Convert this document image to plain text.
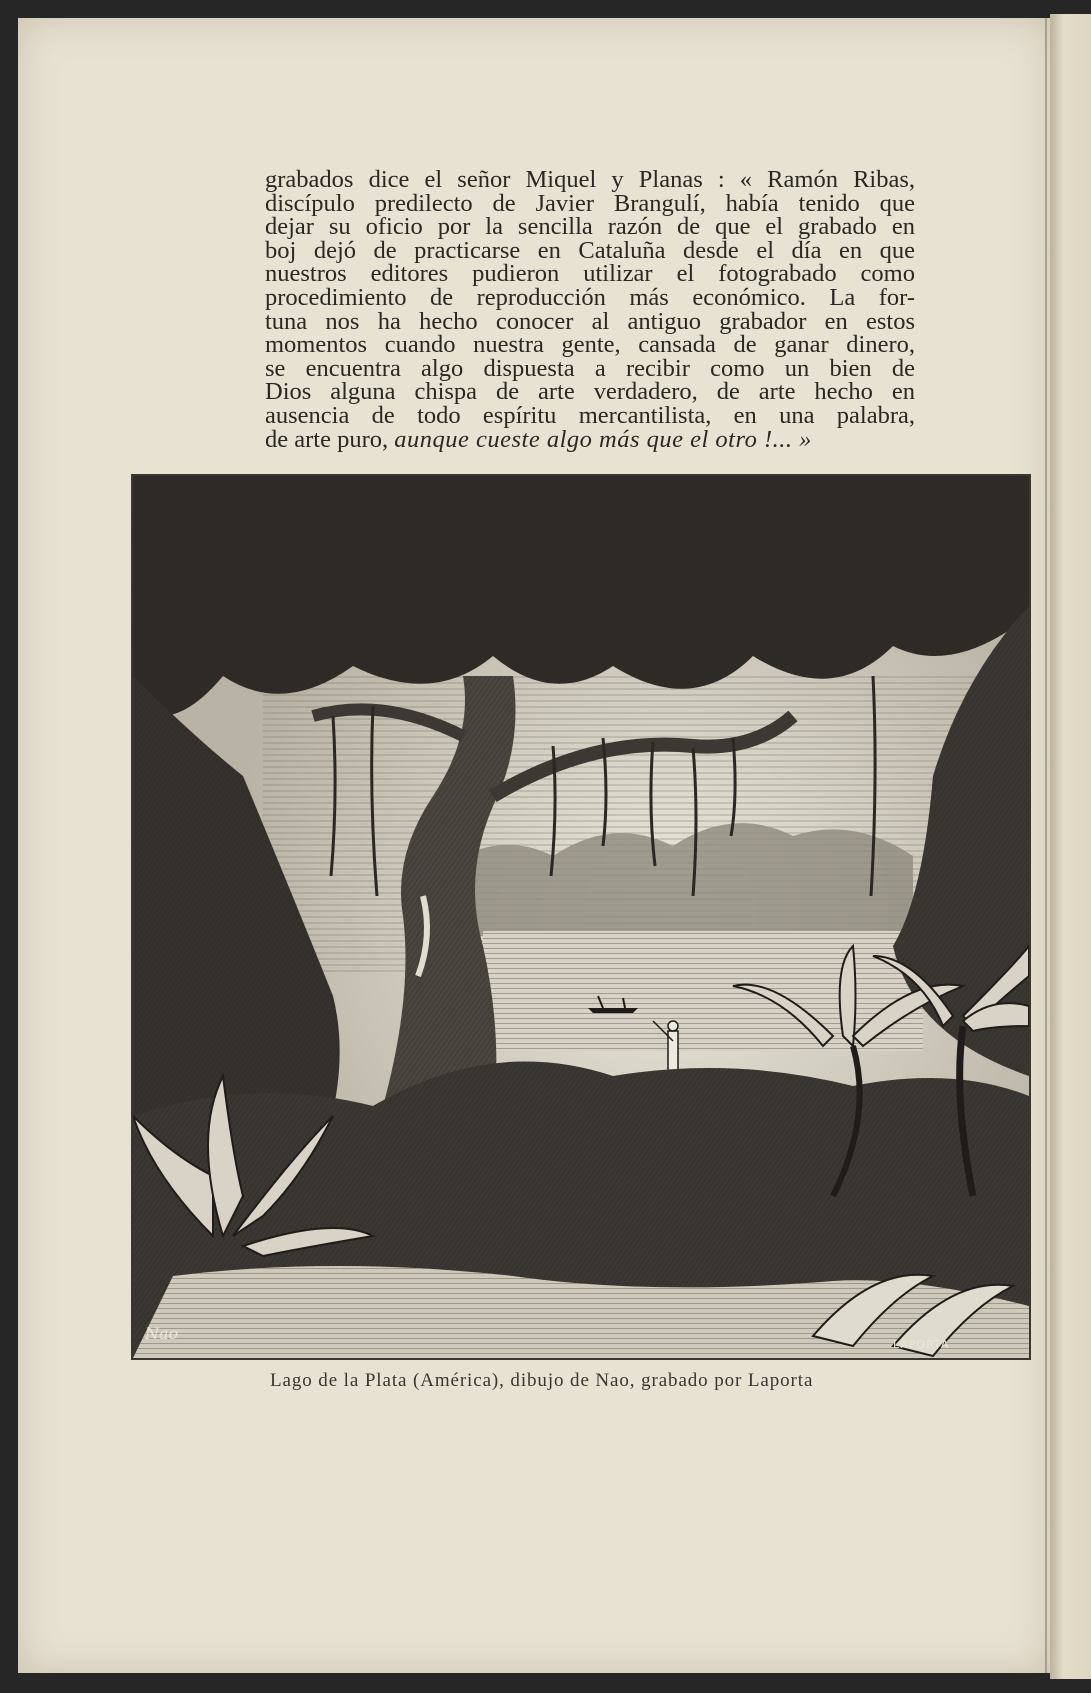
grabados dice el señor Miquel y Planas : « Ramón Ribas,
discípulo predilecto de Javier Brangulí, había tenido que
dejar su oficio por la sencilla razón de que el grabado en
boj dejó de practicarse en Cataluña desde el día en que
nuestros editores pudieron utilizar el fotograbado como
procedimiento de reproducción más económico. La for-
tuna nos ha hecho conocer al antiguo grabador en estos
momentos cuando nuestra gente, cansada de ganar dinero,
se encuentra algo dispuesta a recibir como un bien de
Dios alguna chispa de arte verdadero, de arte hecho en
ausencia de todo espíritu mercantilista, en una palabra,
de arte puro, aunque cueste algo más que el otro !... »
Nao
LAPORTA
Lago de la Plata (América), dibujo de Nao, grabado por Laporta
